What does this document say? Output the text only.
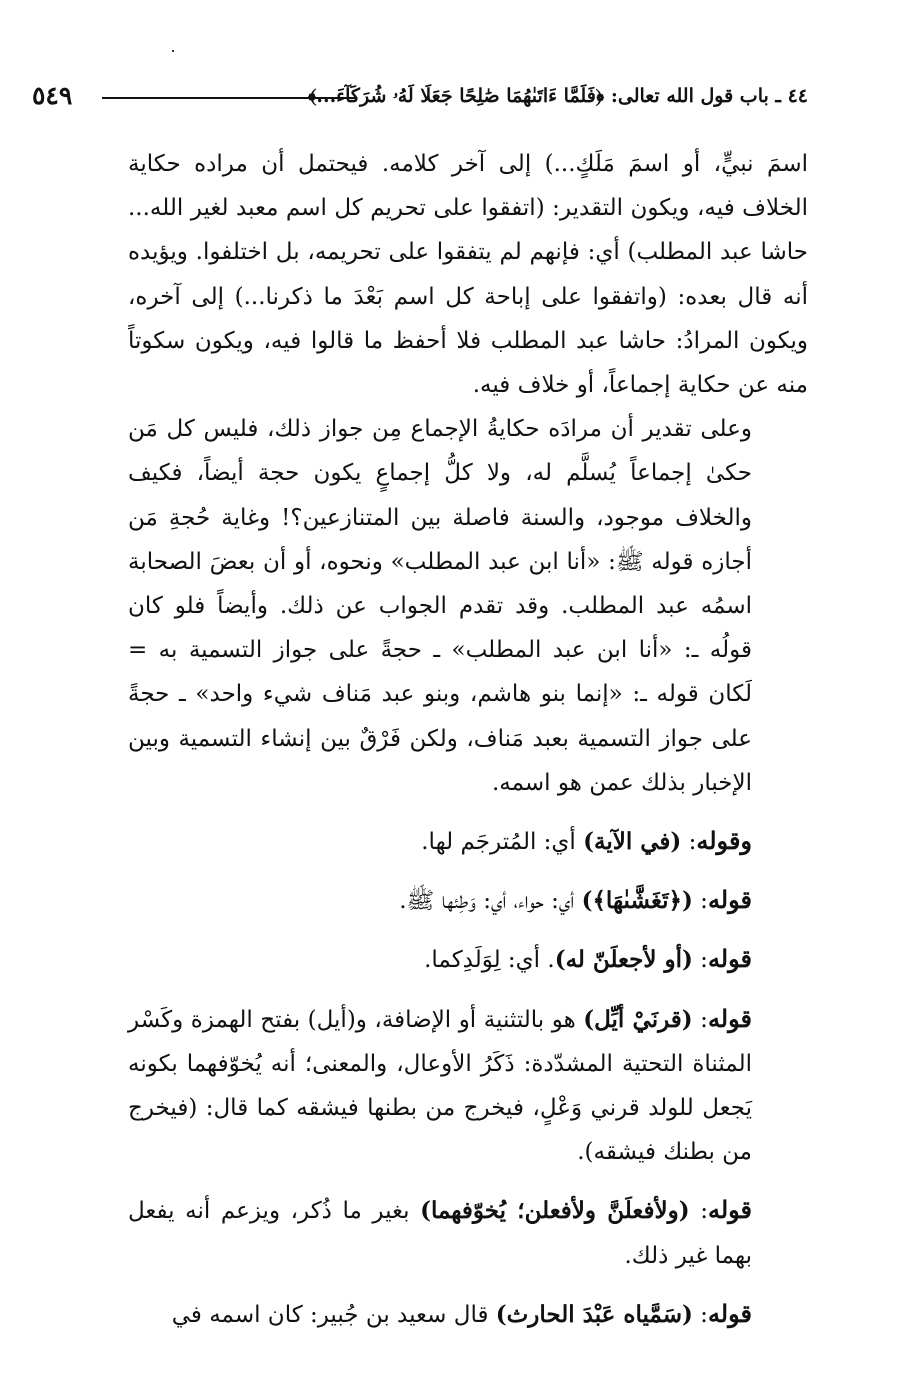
٥٤٩	٤٤ ـ باب قول الله تعالى: ﴿فَلَمَّا ءَاتَىٰهُمَا صَٰلِحًا جَعَلَا لَهُۥ شُرَكَآءَ...﴾

اسمَ نبيٍّ، أو اسمَ مَلَكٍ...) إلى آخر كلامه. فيحتمل أن مراده حكاية الخلاف فيه، ويكون التقدير: (اتفقوا على تحريم كل اسم معبد لغير الله... حاشا عبد المطلب) أي: فإنهم لم يتفقوا على تحريمه، بل اختلفوا. ويؤيده أنه قال بعده: (واتفقوا على إباحة كل اسم بَعْدَ ما ذكرنا...) إلى آخره، ويكون المرادُ: حاشا عبد المطلب فلا أحفظ ما قالوا فيه، ويكون سكوتاً منه عن حكاية إجماعاً، أو خلاف فيه.

وعلى تقدير أن مرادَه حكايةُ الإجماع مِن جواز ذلك، فليس كل مَن حكىٰ إجماعاً يُسلَّم له، ولا كلُّ إجماعٍ يكون حجة أيضاً، فكيف والخلاف موجود، والسنة فاصلة بين المتنازعين؟! وغاية حُجةِ مَن أجازه قوله ﷺ: «أنا ابن عبد المطلب» ونحوه، أو أن بعضَ الصحابة اسمُه عبد المطلب. وقد تقدم الجواب عن ذلك. وأيضاً فلو كان قولُه ـ: «أنا ابن عبد المطلب» ـ حجةً على جواز التسمية به = لَكان قوله ـ: «إنما بنو هاشم، وبنو عبد مَناف شيء واحد» ـ حجةً على جواز التسمية بعبد مَناف، ولكن فَرْقٌ بين إنشاء التسمية وبين الإخبار بذلك عمن هو اسمه.

وقوله: (في الآية) أي: المُترجَم لها.

قوله: (﴿تَغَشَّىٰهَا﴾) أي: حواء، أي: وَطِئها ﷺ.

قوله: (أو لأجعلَنّ له). أي: لِوَلَدِكما.

قوله: (قرنَيْ أيِّل) هو بالتثنية أو الإضافة، و(أيل) بفتح الهمزة وكَسْر المثناة التحتية المشدّدة: ذَكَرُ الأوعال، والمعنى؛ أنه يُخوّفهما بكونه يَجعل للولد قرني وَعْلٍ، فيخرج من بطنها فيشقه كما قال: (فيخرج من بطنك فيشقه).

قوله: (ولأفعلَنَّ ولأفعلن؛ يُخوّفهما) بغير ما ذُكر، ويزعم أنه يفعل بهما غير ذلك.

قوله: (سَمَّياه عَبْدَ الحارث) قال سعيد بن جُبير: كان اسمه في
